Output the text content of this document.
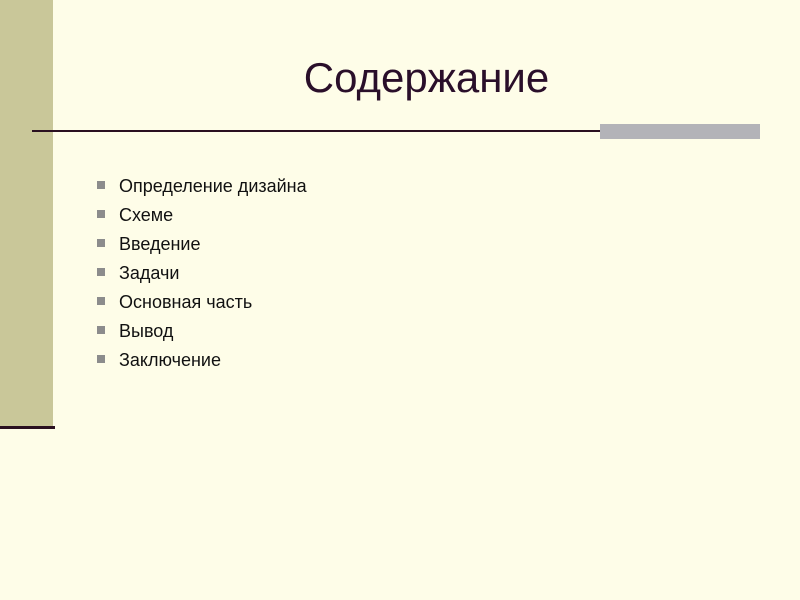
Содержание
Определение дизайна
Схеме
Введение
Задачи
Основная часть
Вывод
Заключение
